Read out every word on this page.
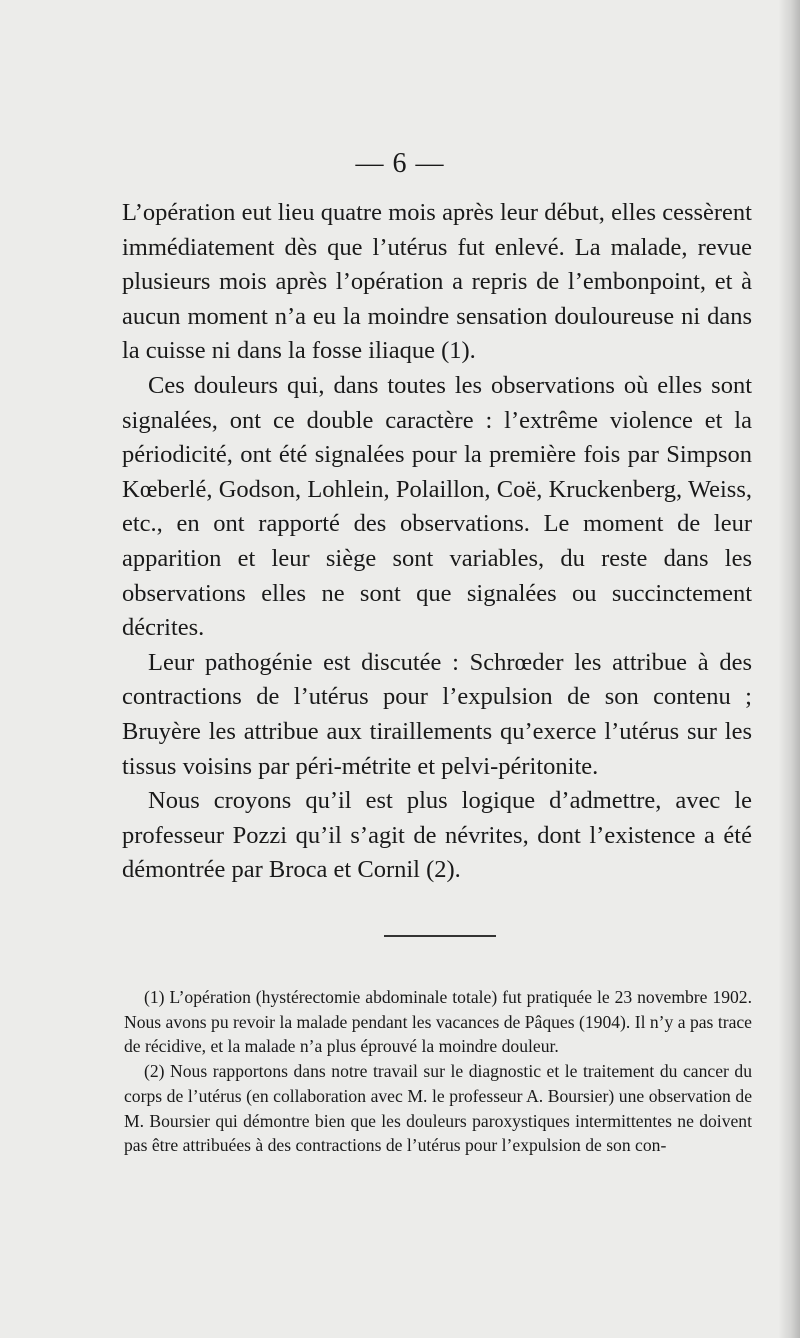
— 6 —

L’opération eut lieu quatre mois après leur début, elles cessèrent immédiatement dès que l’utérus fut enlevé. La malade, revue plusieurs mois après l’opération a repris de l’embonpoint, et à aucun moment n’a eu la moindre sensation douloureuse ni dans la cuisse ni dans la fosse iliaque (1).

Ces douleurs qui, dans toutes les observations où elles sont signalées, ont ce double caractère : l’extrême violence et la périodicité, ont été signalées pour la première fois par Simpson Kœberlé, Godson, Lohlein, Polaillon, Coë, Kruckenberg, Weiss, etc., en ont rapporté des observations. Le moment de leur apparition et leur siège sont variables, du reste dans les observations elles ne sont que signalées ou succinctement décrites.

Leur pathogénie est discutée : Schrœder les attribue à des contractions de l’utérus pour l’expulsion de son contenu ; Bruyère les attribue aux tiraillements qu’exerce l’utérus sur les tissus voisins par péri-métrite et pelvi-péritonite.

Nous croyons qu’il est plus logique d’admettre, avec le professeur Pozzi qu’il s’agit de névrites, dont l’existence a été démontrée par Broca et Cornil (2).

(1) L’opération (hystérectomie abdominale totale) fut pratiquée le 23 novembre 1902. Nous avons pu revoir la malade pendant les vacances de Pâques (1904). Il n’y a pas trace de récidive, et la malade n’a plus éprouvé la moindre douleur.

(2) Nous rapportons dans notre travail sur le diagnostic et le traitement du cancer du corps de l’utérus (en collaboration avec M. le professeur A. Boursier) une observation de M. Boursier qui démontre bien que les douleurs paroxystiques intermittentes ne doivent pas être attribuées à des contractions de l’utérus pour l’expulsion de son con-
